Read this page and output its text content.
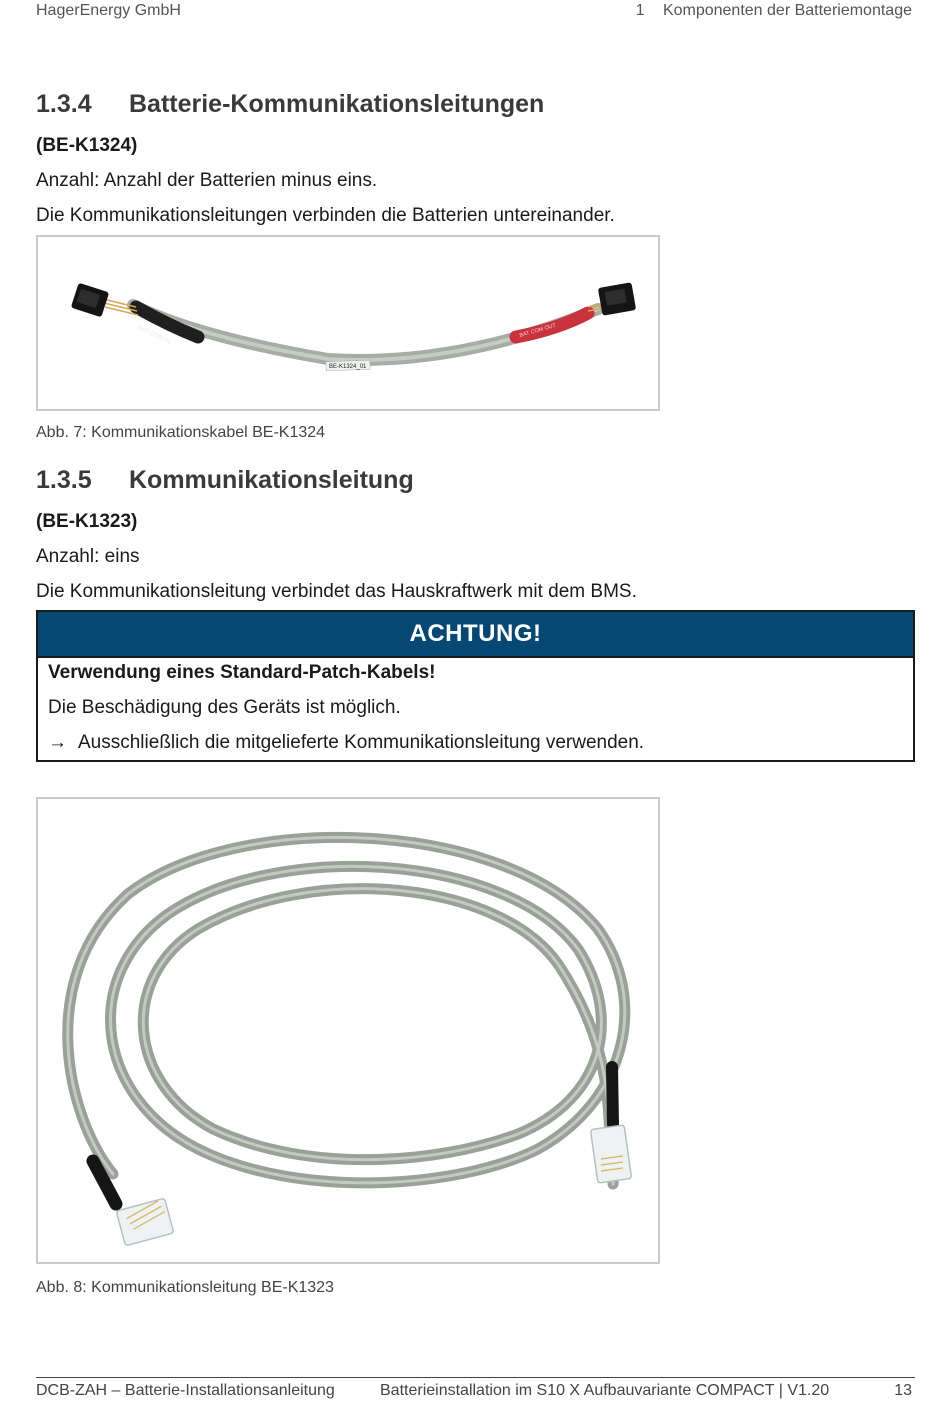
HagerEnergy GmbH	1 Komponenten der Batteriemontage
1.3.4 Batterie-Kommunikationsleitungen
(BE-K1324)
Anzahl: Anzahl der Batterien minus eins.
Die Kommunikationsleitungen verbinden die Batterien untereinander.
BAT COM IN
BE-K1324_01
BAT COM OUT
Abb. 7: Kommunikationskabel BE-K1324
1.3.5 Kommunikationsleitung
(BE-K1323)
Anzahl: eins
Die Kommunikationsleitung verbindet das Hauskraftwerk mit dem BMS.
ACHTUNG!
Verwendung eines Standard-Patch-Kabels!
Die Beschädigung des Geräts ist möglich.
→ Ausschließlich die mitgelieferte Kommunikationsleitung verwenden.
Abb. 8: Kommunikationsleitung BE-K1323
DCB-ZAH – Batterie-Installationsanleitung	Batterieinstallation im S10 X Aufbauvariante COMPACT | V1.20	13
